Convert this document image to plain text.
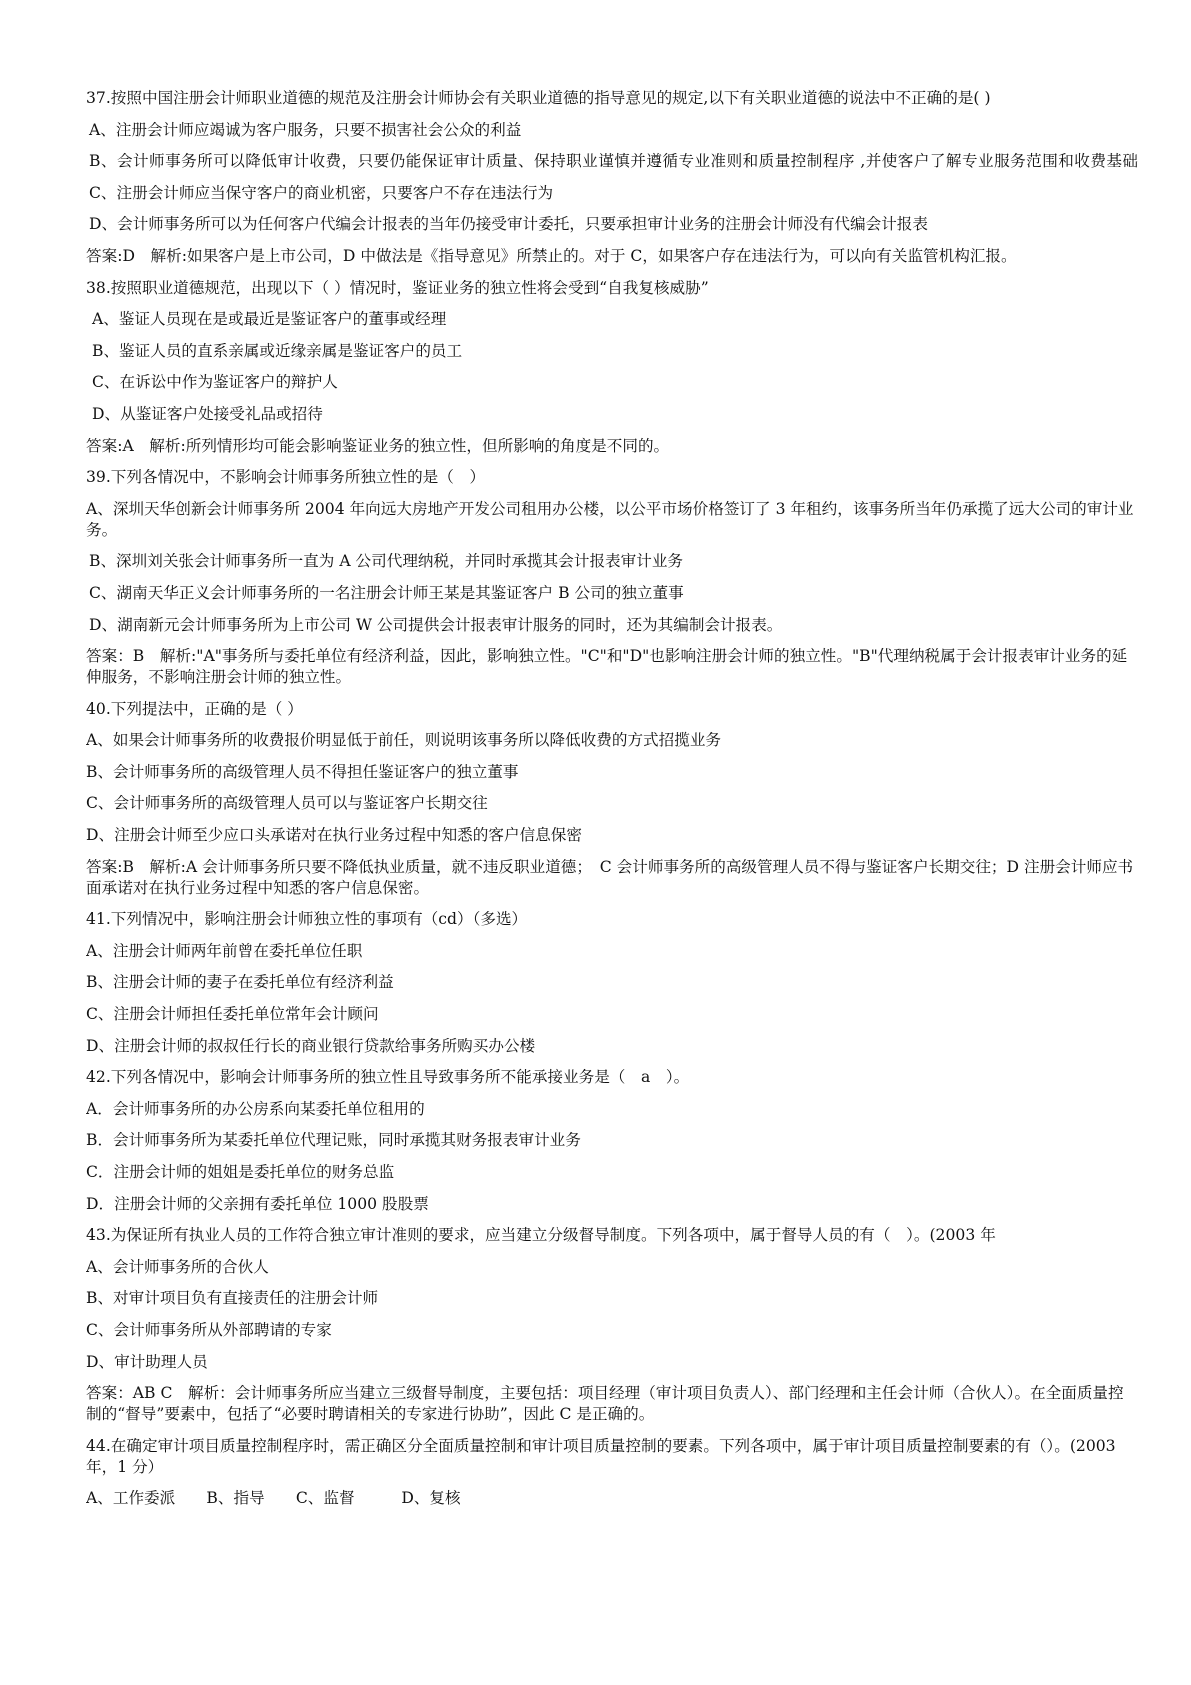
37.按照中国注册会计师职业道德的规范及注册会计师协会有关职业道德的指导意见的规定,以下有关职业道德的说法中不正确的是( )
A、注册会计师应竭诚为客户服务，只要不损害社会公众的利益
B、会计师事务所可以降低审计收费，只要仍能保证审计质量、保持职业谨慎并遵循专业准则和质量控制程序 ,并使客户了解专业服务范围和收费基础
C、注册会计师应当保守客户的商业机密，只要客户不存在违法行为
D、会计师事务所可以为任何客户代编会计报表的当年仍接受审计委托，只要承担审计业务的注册会计师没有代编会计报表
答案:D　解析:如果客户是上市公司，D 中做法是《指导意见》所禁止的。对于 C，如果客户存在违法行为，可以向有关监管机构汇报。
38.按照职业道德规范，出现以下（ ）情况时，鉴证业务的独立性将会受到“自我复核威胁”
A、鉴证人员现在是或最近是鉴证客户的董事或经理
B、鉴证人员的直系亲属或近缘亲属是鉴证客户的员工
C、在诉讼中作为鉴证客户的辩护人
D、从鉴证客户处接受礼品或招待
答案:A　解析:所列情形均可能会影响鉴证业务的独立性，但所影响的角度是不同的。
39.下列各情况中，不影响会计师事务所独立性的是（　）
A、深圳天华创新会计师事务所 2004 年向远大房地产开发公司租用办公楼，以公平市场价格签订了 3 年租约，该事务所当年仍承揽了远大公司的审计业务。
B、深圳刘关张会计师事务所一直为 A 公司代理纳税，并同时承揽其会计报表审计业务
C、湖南天华正义会计师事务所的一名注册会计师王某是其鉴证客户 B 公司的独立董事
D、湖南新元会计师事务所为上市公司 W 公司提供会计报表审计服务的同时，还为其编制会计报表。
答案：B　解析:"A"事务所与委托单位有经济利益，因此，影响独立性。"C"和"D"也影响注册会计师的独立性。"B"代理纳税属于会计报表审计业务的延伸服务，不影响注册会计师的独立性。
40.下列提法中，正确的是（ ）
A、如果会计师事务所的收费报价明显低于前任，则说明该事务所以降低收费的方式招揽业务
B、会计师事务所的高级管理人员不得担任鉴证客户的独立董事
C、会计师事务所的高级管理人员可以与鉴证客户长期交往
D、注册会计师至少应口头承诺对在执行业务过程中知悉的客户信息保密
答案:B　解析:A 会计师事务所只要不降低执业质量，就不违反职业道德；　C 会计师事务所的高级管理人员不得与鉴证客户长期交往；D 注册会计师应书面承诺对在执行业务过程中知悉的客户信息保密。
41.下列情况中，影响注册会计师独立性的事项有（cd）（多选）
A、注册会计师两年前曾在委托单位任职
B、注册会计师的妻子在委托单位有经济利益
C、注册会计师担任委托单位常年会计顾问
D、注册会计师的叔叔任行长的商业银行贷款给事务所购买办公楼
42.下列各情况中，影响会计师事务所的独立性且导致事务所不能承接业务是（　a　）。
A．会计师事务所的办公房系向某委托单位租用的
B．会计师事务所为某委托单位代理记账，同时承揽其财务报表审计业务
C．注册会计师的姐姐是委托单位的财务总监
D．注册会计师的父亲拥有委托单位 1000 股股票
43.为保证所有执业人员的工作符合独立审计准则的要求，应当建立分级督导制度。下列各项中，属于督导人员的有（　）。(2003 年
A、会计师事务所的合伙人
B、对审计项目负有直接责任的注册会计师
C、会计师事务所从外部聘请的专家
D、审计助理人员
答案：AB C　解析：会计师事务所应当建立三级督导制度，主要包括：项目经理（审计项目负责人）、部门经理和主任会计师（合伙人）。在全面质量控制的“督导”要素中，包括了“必要时聘请相关的专家进行协助”，因此 C 是正确的。
44.在确定审计项目质量控制程序时，需正确区分全面质量控制和审计项目质量控制的要素。下列各项中，属于审计项目质量控制要素的有（）。(2003 年，1 分）
A、工作委派　　B、指导　　C、监督　　　D、复核
